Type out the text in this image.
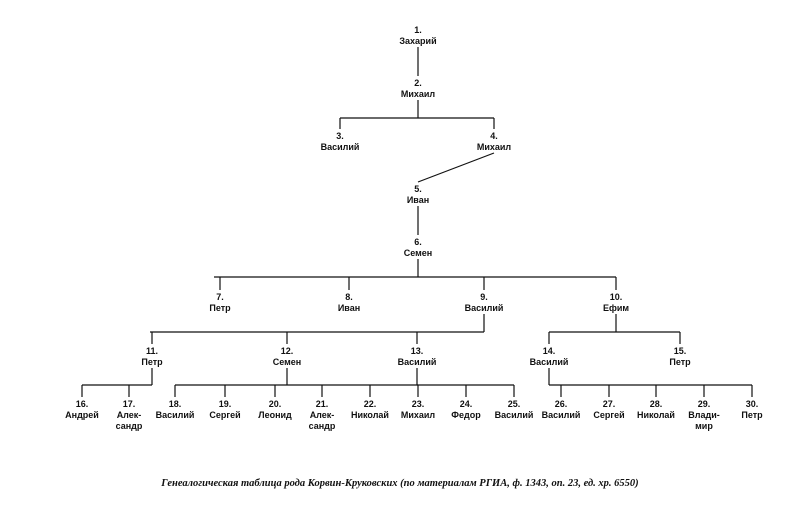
1.
Захарий
2.
Михаил
3.
Василий
4.
Михаил
5.
Иван
6.
Семен
7.
Петр
8.
Иван
9.
Василий
10.
Ефим
11.
Петр
12.
Семен
13.
Василий
14.
Василий
15.
Петр
16.
Андрей
17.
Алек-
сандр
18.
Василий
19.
Сергей
20.
Леонид
21.
Алек-
сандр
22.
Николай
23.
Михаил
24.
Федор
25.
Василий
26.
Василий
27.
Сергей
28.
Николай
29.
Влади-
мир
30.
Петр
Генеалогическая таблица рода Корвин-Круковских (по материалам РГИА, ф. 1343, оп. 23, ед. хр. 6550)
